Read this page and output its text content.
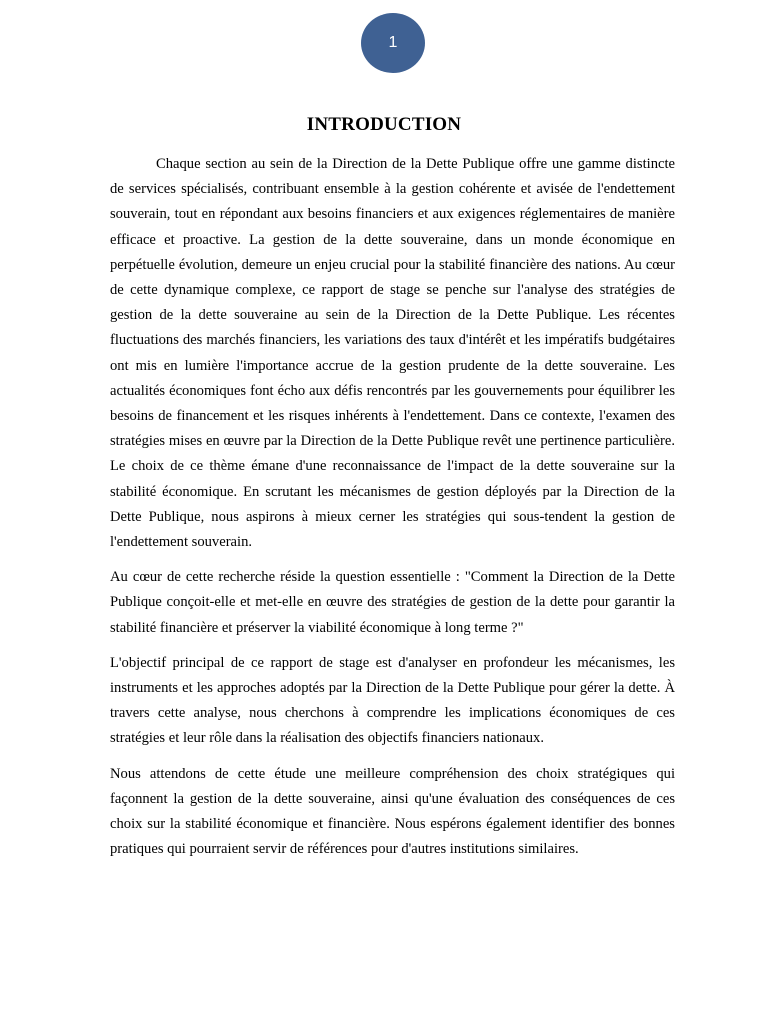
1
INTRODUCTION

Chaque section au sein de la Direction de la Dette Publique offre une gamme distincte de services spécialisés, contribuant ensemble à la gestion cohérente et avisée de l'endettement souverain, tout en répondant aux besoins financiers et aux exigences réglementaires de manière efficace et proactive. La gestion de la dette souveraine, dans un monde économique en perpétuelle évolution, demeure un enjeu crucial pour la stabilité financière des nations. Au cœur de cette dynamique complexe, ce rapport de stage se penche sur l'analyse des stratégies de gestion de la dette souveraine au sein de la Direction de la Dette Publique. Les récentes fluctuations des marchés financiers, les variations des taux d'intérêt et les impératifs budgétaires ont mis en lumière l'importance accrue de la gestion prudente de la dette souveraine. Les actualités économiques font écho aux défis rencontrés par les gouvernements pour équilibrer les besoins de financement et les risques inhérents à l'endettement. Dans ce contexte, l'examen des stratégies mises en œuvre par la Direction de la Dette Publique revêt une pertinence particulière. Le choix de ce thème émane d'une reconnaissance de l'impact de la dette souveraine sur la stabilité économique. En scrutant les mécanismes de gestion déployés par la Direction de la Dette Publique, nous aspirons à mieux cerner les stratégies qui sous-tendent la gestion de l'endettement souverain.

Au cœur de cette recherche réside la question essentielle : "Comment la Direction de la Dette Publique conçoit-elle et met-elle en œuvre des stratégies de gestion de la dette pour garantir la stabilité financière et préserver la viabilité économique à long terme ?"

L'objectif principal de ce rapport de stage est d'analyser en profondeur les mécanismes, les instruments et les approches adoptés par la Direction de la Dette Publique pour gérer la dette. À travers cette analyse, nous cherchons à comprendre les implications économiques de ces stratégies et leur rôle dans la réalisation des objectifs financiers nationaux.

Nous attendons de cette étude une meilleure compréhension des choix stratégiques qui façonnent la gestion de la dette souveraine, ainsi qu'une évaluation des conséquences de ces choix sur la stabilité économique et financière. Nous espérons également identifier des bonnes pratiques qui pourraient servir de références pour d'autres institutions similaires.
